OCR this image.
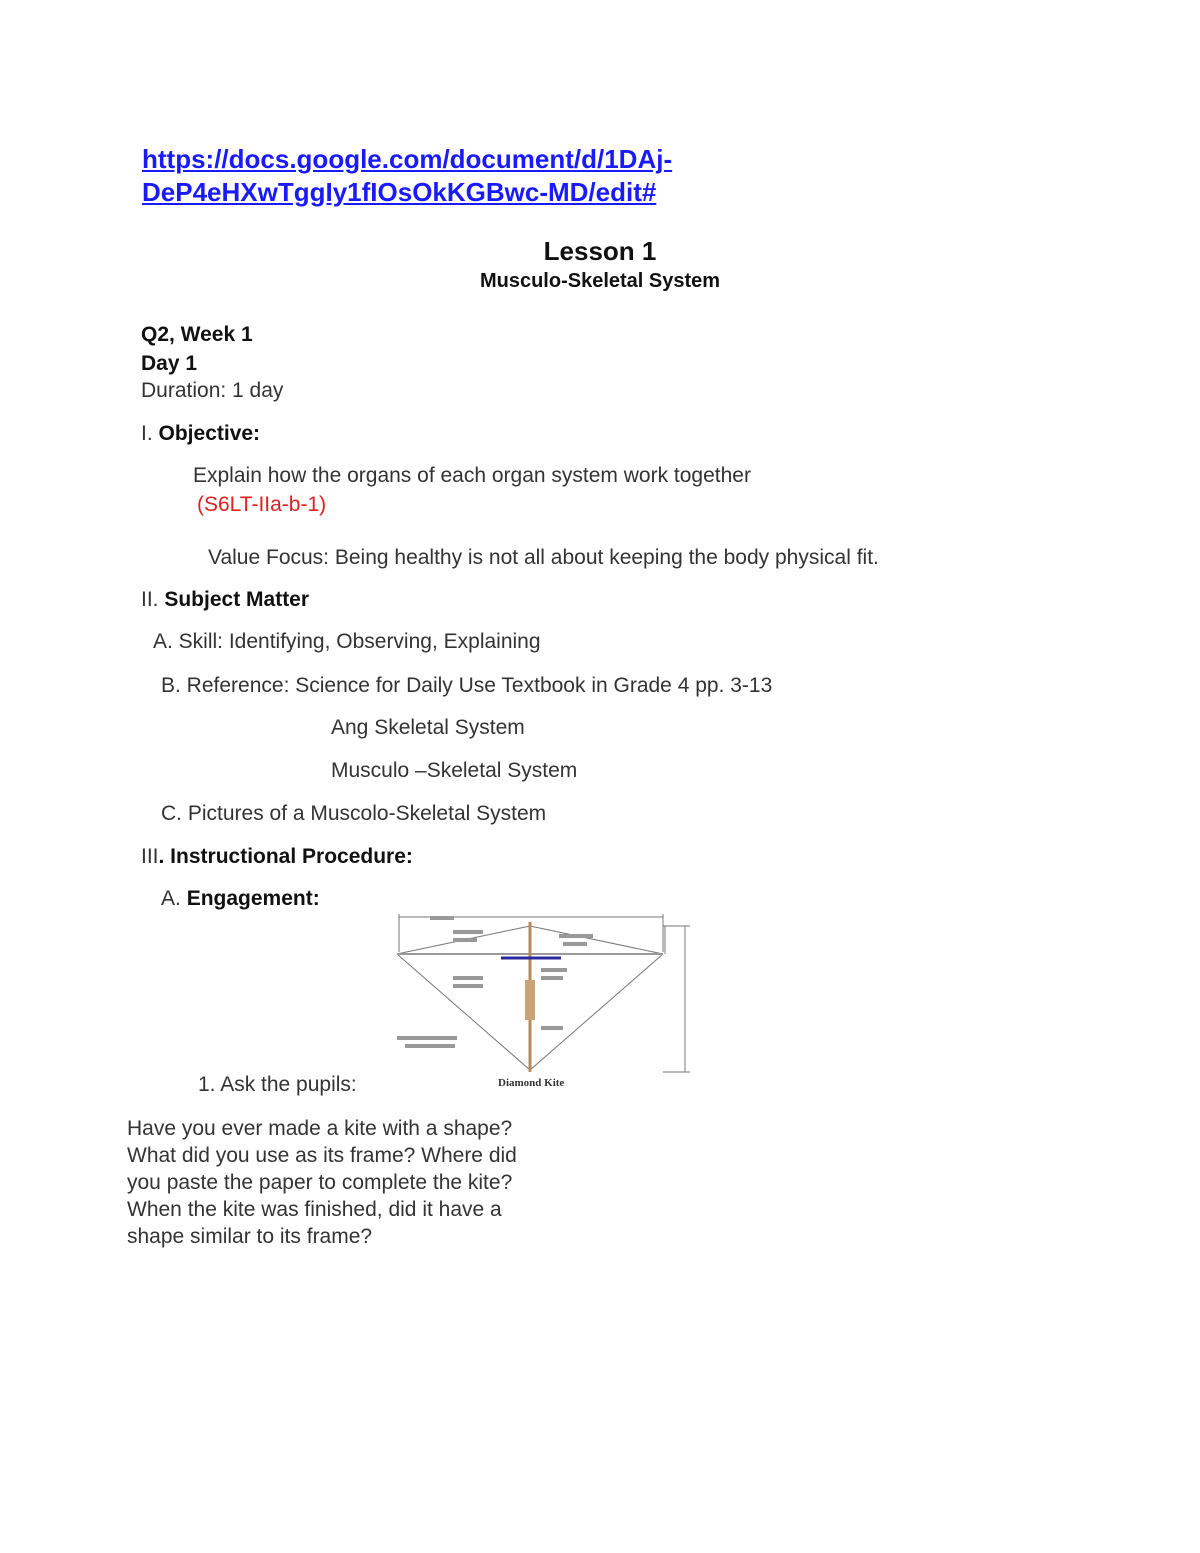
https://docs.google.com/document/d/1DAj-
DeP4eHXwTggIy1fIOsOkKGBwc-MD/edit#
Lesson 1
Musculo-Skeletal System
Q2, Week 1
Day 1
Duration: 1 day
I. Objective:
Explain how the organs of each organ system work together
(S6LT-IIa-b-1)
Value Focus: Being healthy is not all about keeping the body physical fit.
II. Subject Matter
A. Skill: Identifying, Observing, Explaining
B. Reference: Science for Daily Use Textbook in Grade 4 pp. 3-13
Ang Skeletal System
Musculo –Skeletal System
C. Pictures of a Muscolo-Skeletal System
III. Instructional Procedure:
A. Engagement:
Diamond Kite
1. Ask the pupils:
Have you ever made a kite with a shape? What did you use as its frame? Where did you paste the paper to complete the kite? When the kite was finished, did it have a shape similar to its frame?
